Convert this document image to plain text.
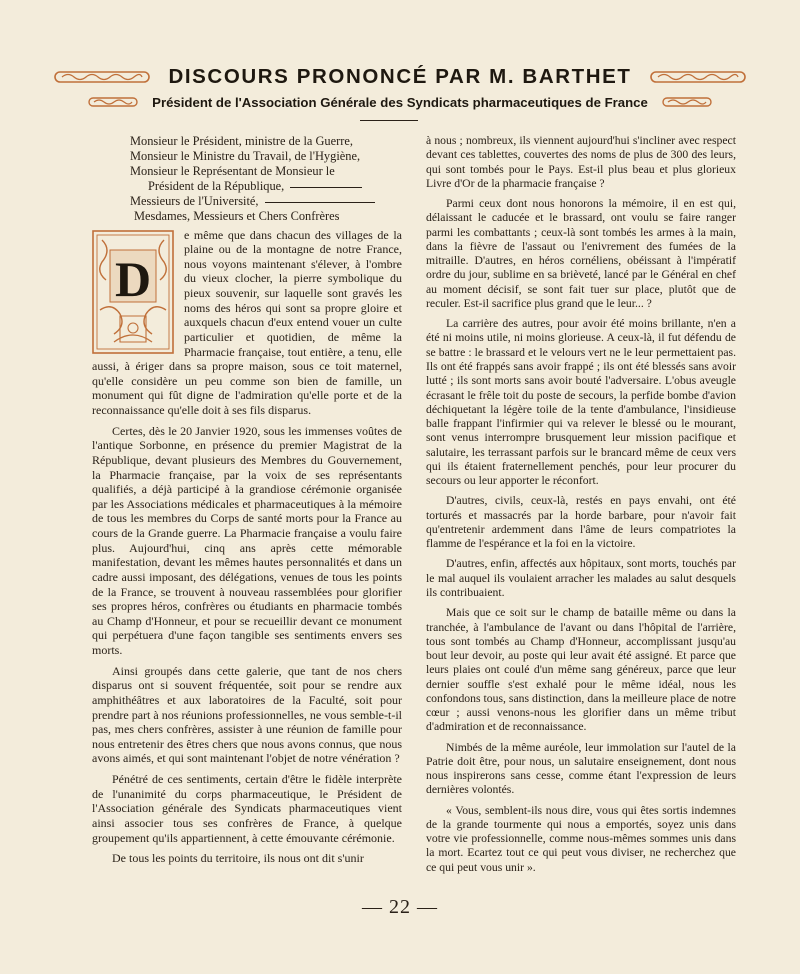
DISCOURS PRONONCÉ PAR M. BARTHET
Président de l'Association Générale des Syndicats pharmaceutiques de France
Monsieur le Président, ministre de la Guerre,
Monsieur le Ministre du Travail, de l'Hygiène,
Monsieur le Représentant de Monsieur le
Président de la République,
Messieurs de l'Université,
Mesdames, Messieurs et Chers Confrères
D

e même que dans chacun des villages de la plaine ou de la montagne de notre France, nous voyons maintenant s'élever, à l'ombre du vieux clocher, la pierre symbolique du pieux souvenir, sur laquelle sont gravés les noms des héros qui sont sa propre gloire et auxquels chacun d'eux entend vouer un culte particulier et quotidien, de même la Pharmacie française, tout entière, a tenu, elle aussi, à ériger dans sa propre maison, sous ce toit maternel, qu'elle considère un peu comme son bien de famille, un monument qui fût digne de l'admiration qu'elle porte et de la reconnaissance qu'elle doit à ses fils disparus.

Certes, dès le 20 Janvier 1920, sous les immenses voûtes de l'antique Sorbonne, en présence du premier Magistrat de la République, devant plusieurs des Membres du Gouvernement, la Pharmacie française, par la voix de ses représentants qualifiés, a déjà participé à la grandiose cérémonie organisée par les Associations médicales et pharmaceutiques à la mémoire de tous les membres du Corps de santé morts pour la France au cours de la Grande guerre. La Pharmacie française a voulu faire plus. Aujourd'hui, cinq ans après cette mémorable manifestation, devant les mêmes hautes personnalités et dans un cadre aussi imposant, des délégations, venues de tous les points de la France, se trouvent à nouveau rassemblées pour glorifier ses propres héros, confrères ou étudiants en pharmacie tombés au Champ d'Honneur, et pour se recueillir devant ce monument qui perpétuera d'une façon tangible ses sentiments envers ses morts.

Ainsi groupés dans cette galerie, que tant de nos chers disparus ont si souvent fréquentée, soit pour se rendre aux amphithéâtres et aux laboratoires de la Faculté, soit pour prendre part à nos réunions professionnelles, ne vous semble-t-il pas, mes chers confrères, assister à une réunion de famille pour nous entretenir des êtres chers que nous avons connus, que nous avons aimés, et qui sont maintenant l'objet de notre vénération ?

Pénétré de ces sentiments, certain d'être le fidèle interprète de l'unanimité du corps pharmaceutique, le Président de l'Association générale des Syndicats pharmaceutiques vient ainsi associer tous ses confrères de France, à quelque groupement qu'ils appartiennent, à cette émouvante cérémonie.

De tous les points du territoire, ils nous ont dit s'unir

à nous ; nombreux, ils viennent aujourd'hui s'incliner avec respect devant ces tablettes, couvertes des noms de plus de 300 des leurs, qui sont tombés pour le Pays. Est-il plus beau et plus glorieux Livre d'Or de la pharmacie française ?

Parmi ceux dont nous honorons la mémoire, il en est qui, délaissant le caducée et le brassard, ont voulu se faire ranger parmi les combattants ; ceux-là sont tombés les armes à la main, dans la fièvre de l'assaut ou l'enivrement des fumées de la mitraille. D'autres, en héros cornéliens, obéissant à l'impératif ordre du jour, sublime en sa brièveté, lancé par le Général en chef au moment décisif, se sont fait tuer sur place, plutôt que de reculer. Est-il sacrifice plus grand que le leur... ?

La carrière des autres, pour avoir été moins brillante, n'en a été ni moins utile, ni moins glorieuse. A ceux-là, il fut défendu de se battre : le brassard et le velours vert ne le leur permettaient pas. Ils ont été frappés sans avoir frappé ; ils ont été blessés sans avoir lutté ; ils sont morts sans avoir bouté l'adversaire. L'obus aveugle écrasant le frêle toit du poste de secours, la perfide bombe d'avion déchiquetant la légère toile de la tente d'ambulance, l'insidieuse balle frappant l'infirmier qui va relever le blessé ou le mourant, sont venus interrompre brusquement leur mission pacifique et salutaire, les terrassant parfois sur le brancard même de ceux vers qui ils étaient fraternellement penchés, pour leur procurer du secours ou leur apporter le réconfort.

D'autres, civils, ceux-là, restés en pays envahi, ont été torturés et massacrés par la horde barbare, pour n'avoir fait qu'entretenir ardemment dans l'âme de leurs compatriotes la flamme de l'espérance et la foi en la victoire.

D'autres, enfin, affectés aux hôpitaux, sont morts, touchés par le mal auquel ils voulaient arracher les malades au salut desquels ils contribuaient.

Mais que ce soit sur le champ de bataille même ou dans la tranchée, à l'ambulance de l'avant ou dans l'hôpital de l'arrière, tous sont tombés au Champ d'Honneur, accomplissant jusqu'au bout leur devoir, au poste qui leur avait été assigné. Et parce que leurs plaies ont coulé d'un même sang généreux, parce que leur dernier souffle s'est exhalé pour le même idéal, nous les confondons tous, sans distinction, dans la meilleure place de notre cœur ; aussi venons-nous les glorifier dans un même tribut d'admiration et de reconnaissance.

Nimbés de la même auréole, leur immolation sur l'autel de la Patrie doit être, pour nous, un salutaire enseignement, dont nous nous inspirerons sans cesse, comme étant l'expression de leurs dernières volontés.

« Vous, semblent-ils nous dire, vous qui êtes sortis indemnes de la grande tourmente qui nous a emportés, soyez unis dans votre vie professionnelle, comme nous-mêmes sommes unis dans la mort. Ecartez tout ce qui peut vous diviser, ne recherchez que ce qui peut vous unir ».

— 22 —
